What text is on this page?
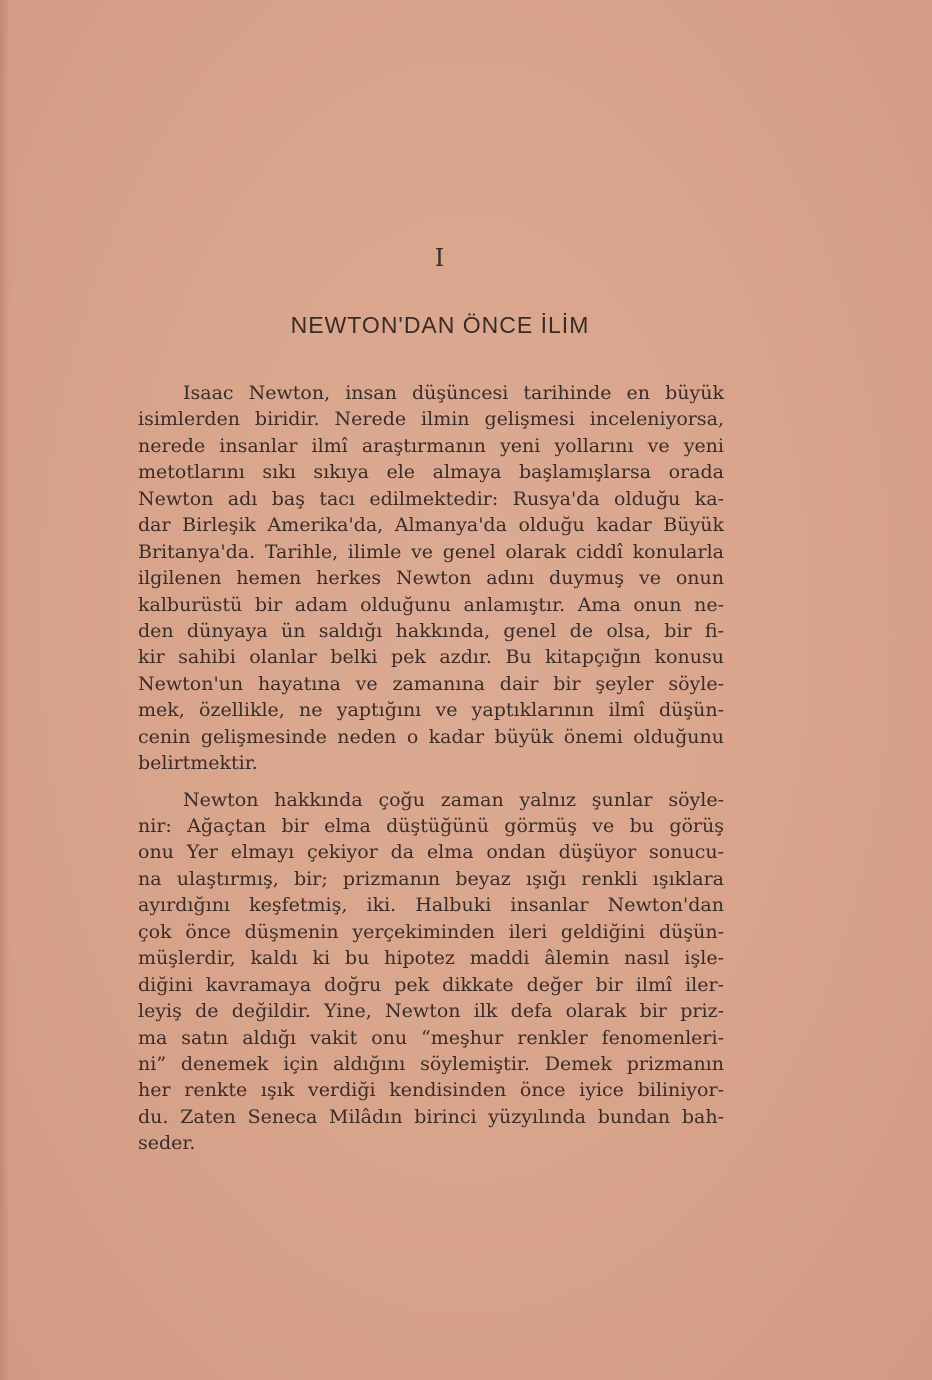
I
NEWTON'DAN ÖNCE İLİM
Isaac Newton, insan düşüncesi tarihinde en büyük
isimlerden biridir. Nerede ilmin gelişmesi inceleniyorsa,
nerede insanlar ilmî araştırmanın yeni yollarını ve yeni
metotlarını sıkı sıkıya ele almaya başlamışlarsa orada
Newton adı baş tacı edilmektedir: Rusya'da olduğu ka-
dar Birleşik Amerika'da, Almanya'da olduğu kadar Büyük
Britanya'da. Tarihle, ilimle ve genel olarak ciddî konularla
ilgilenen hemen herkes Newton adını duymuş ve onun
kalburüstü bir adam olduğunu anlamıştır. Ama onun ne-
den dünyaya ün saldığı hakkında, genel de olsa, bir fi-
kir sahibi olanlar belki pek azdır. Bu kitapçığın konusu
Newton'un hayatına ve zamanına dair bir şeyler söyle-
mek, özellikle, ne yaptığını ve yaptıklarının ilmî düşün-
cenin gelişmesinde neden o kadar büyük önemi olduğunu
belirtmektir.
Newton hakkında çoğu zaman yalnız şunlar söyle-
nir: Ağaçtan bir elma düştüğünü görmüş ve bu görüş
onu Yer elmayı çekiyor da elma ondan düşüyor sonucu-
na ulaştırmış, bir; prizmanın beyaz ışığı renkli ışıklara
ayırdığını keşfetmiş, iki. Halbuki insanlar Newton'dan
çok önce düşmenin yerçekiminden ileri geldiğini düşün-
müşlerdir, kaldı ki bu hipotez maddi âlemin nasıl işle-
diğini kavramaya doğru pek dikkate değer bir ilmî iler-
leyiş de değildir. Yine, Newton ilk defa olarak bir priz-
ma satın aldığı vakit onu “meşhur renkler fenomenleri-
ni” denemek için aldığını söylemiştir. Demek prizmanın
her renkte ışık verdiği kendisinden önce iyice biliniyor-
du. Zaten Seneca Milâdın birinci yüzyılında bundan bah-
seder.
